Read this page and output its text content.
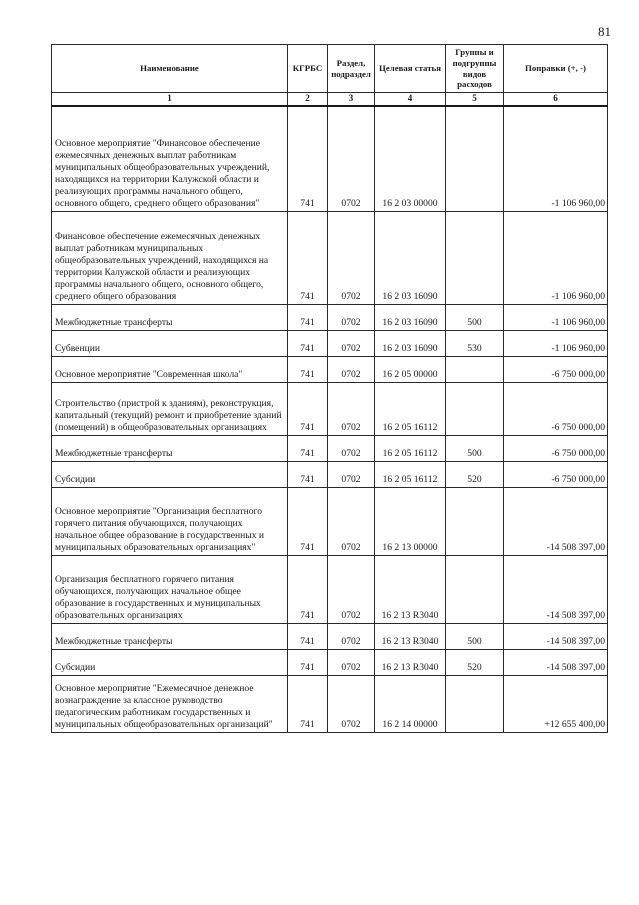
81
Наименование	КГРБС	Раздел, подраздел	Целевая статья	Группы и подгруппы видов расходов	Поправки (+, -)
1	2	3	4	5	6
Основное мероприятие "Финансовое обеспечение ежемесячных денежных выплат работникам муниципальных общеобразовательных учреждений, находящихся на территории Калужской области и реализующих программы начального общего, основного общего, среднего общего образования"	741	0702	16 2 03 00000		-1 106 960,00
Финансовое обеспечение ежемесячных денежных выплат работникам муниципальных общеобразовательных учреждений, находящихся на территории Калужской области и реализующих программы начального общего, основного общего, среднего общего образования	741	0702	16 2 03 16090		-1 106 960,00
Межбюджетные трансферты	741	0702	16 2 03 16090	500	-1 106 960,00
Субвенции	741	0702	16 2 03 16090	530	-1 106 960,00
Основное мероприятие "Современная школа"	741	0702	16 2 05 00000		-6 750 000,00
Строительство (пристрой к зданиям), реконструкция, капитальный (текущий) ремонт и приобретение зданий (помещений) в общеобразовательных организациях	741	0702	16 2 05 16112		-6 750 000,00
Межбюджетные трансферты	741	0702	16 2 05 16112	500	-6 750 000,00
Субсидии	741	0702	16 2 05 16112	520	-6 750 000,00
Основное мероприятие "Организация бесплатного горячего питания обучающихся, получающих начальное общее образование в государственных и муниципальных образовательных организациях"	741	0702	16 2 13 00000		-14 508 397,00
Организация бесплатного горячего питания обучающихся, получающих начальное общее образование в государственных и муниципальных образовательных организациях	741	0702	16 2 13 R3040		-14 508 397,00
Межбюджетные трансферты	741	0702	16 2 13 R3040	500	-14 508 397,00
Субсидии	741	0702	16 2 13 R3040	520	-14 508 397,00
Основное мероприятие "Ежемесячное денежное вознаграждение за классное руководство педагогическим работникам государственных и муниципальных общеобразовательных организаций"	741	0702	16 2 14 00000		+12 655 400,00
